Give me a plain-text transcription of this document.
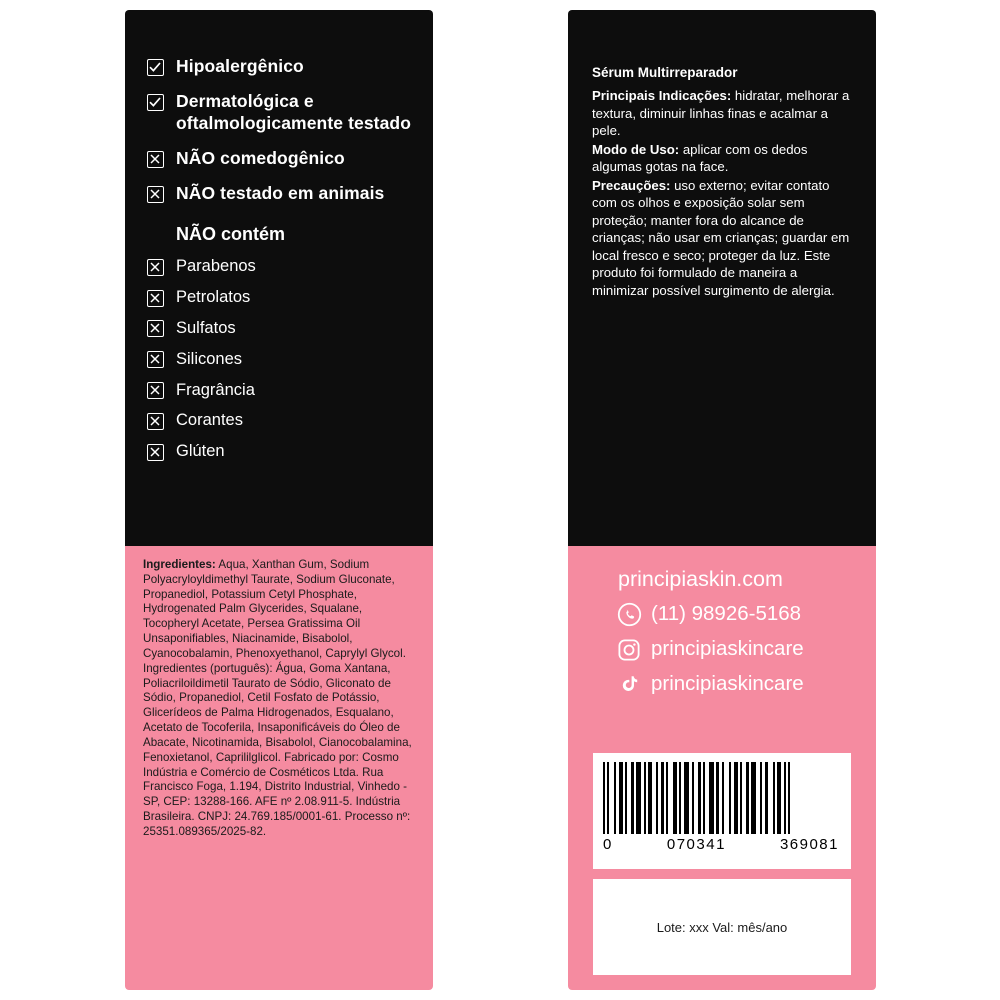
Hipoalergênico
Dermatológica e oftalmologicamente testado
NÃO comedogênico
NÃO testado em animais
NÃO contém
Parabenos
Petrolatos
Sulfatos
Silicones
Fragrância
Corantes
Glúten
Ingredientes: Aqua, Xanthan Gum, Sodium Polyacryloyldimethyl Taurate, Sodium Gluconate, Propanediol, Potassium Cetyl Phosphate, Hydrogenated Palm Glycerides, Squalane, Tocopheryl Acetate, Persea Gratissima Oil Unsaponifiables, Niacinamide, Bisabolol, Cyanocobalamin, Phenoxyethanol, Caprylyl Glycol. Ingredientes (português): Água, Goma Xantana, Poliacriloildimetil Taurato de Sódio, Gliconato de Sódio, Propanediol, Cetil Fosfato de Potássio, Glicerídeos de Palma Hidrogenados, Esqualano, Acetato de Tocoferila, Insaponificáveis do Óleo de Abacate, Nicotinamida, Bisabolol, Cianocobalamina, Fenoxietanol, Caprililglicol. Fabricado por: Cosmo Indústria e Comércio de Cosméticos Ltda. Rua Francisco Foga, 1.194, Distrito Industrial, Vinhedo - SP, CEP: 13288-166. AFE nº 2.08.911-5. Indústria Brasileira. CNPJ: 24.769.185/0001-61. Processo nº: 25351.089365/2025-82.
Sérum Multirreparador
Principais Indicações: hidratar, melhorar a textura, diminuir linhas finas e acalmar a pele.
Modo de Uso: aplicar com os dedos algumas gotas na face.
Precauções: uso externo; evitar contato com os olhos e exposição solar sem proteção; manter fora do alcance de crianças; não usar em crianças; guardar em local fresco e seco; proteger da luz. Este produto foi formulado de maneira a minimizar possível surgimento de alergia.
principiaskin.com
(11) 98926-5168
principiaskincare
principiaskincare
0	070341	369081
Lote: xxx Val: mês/ano
